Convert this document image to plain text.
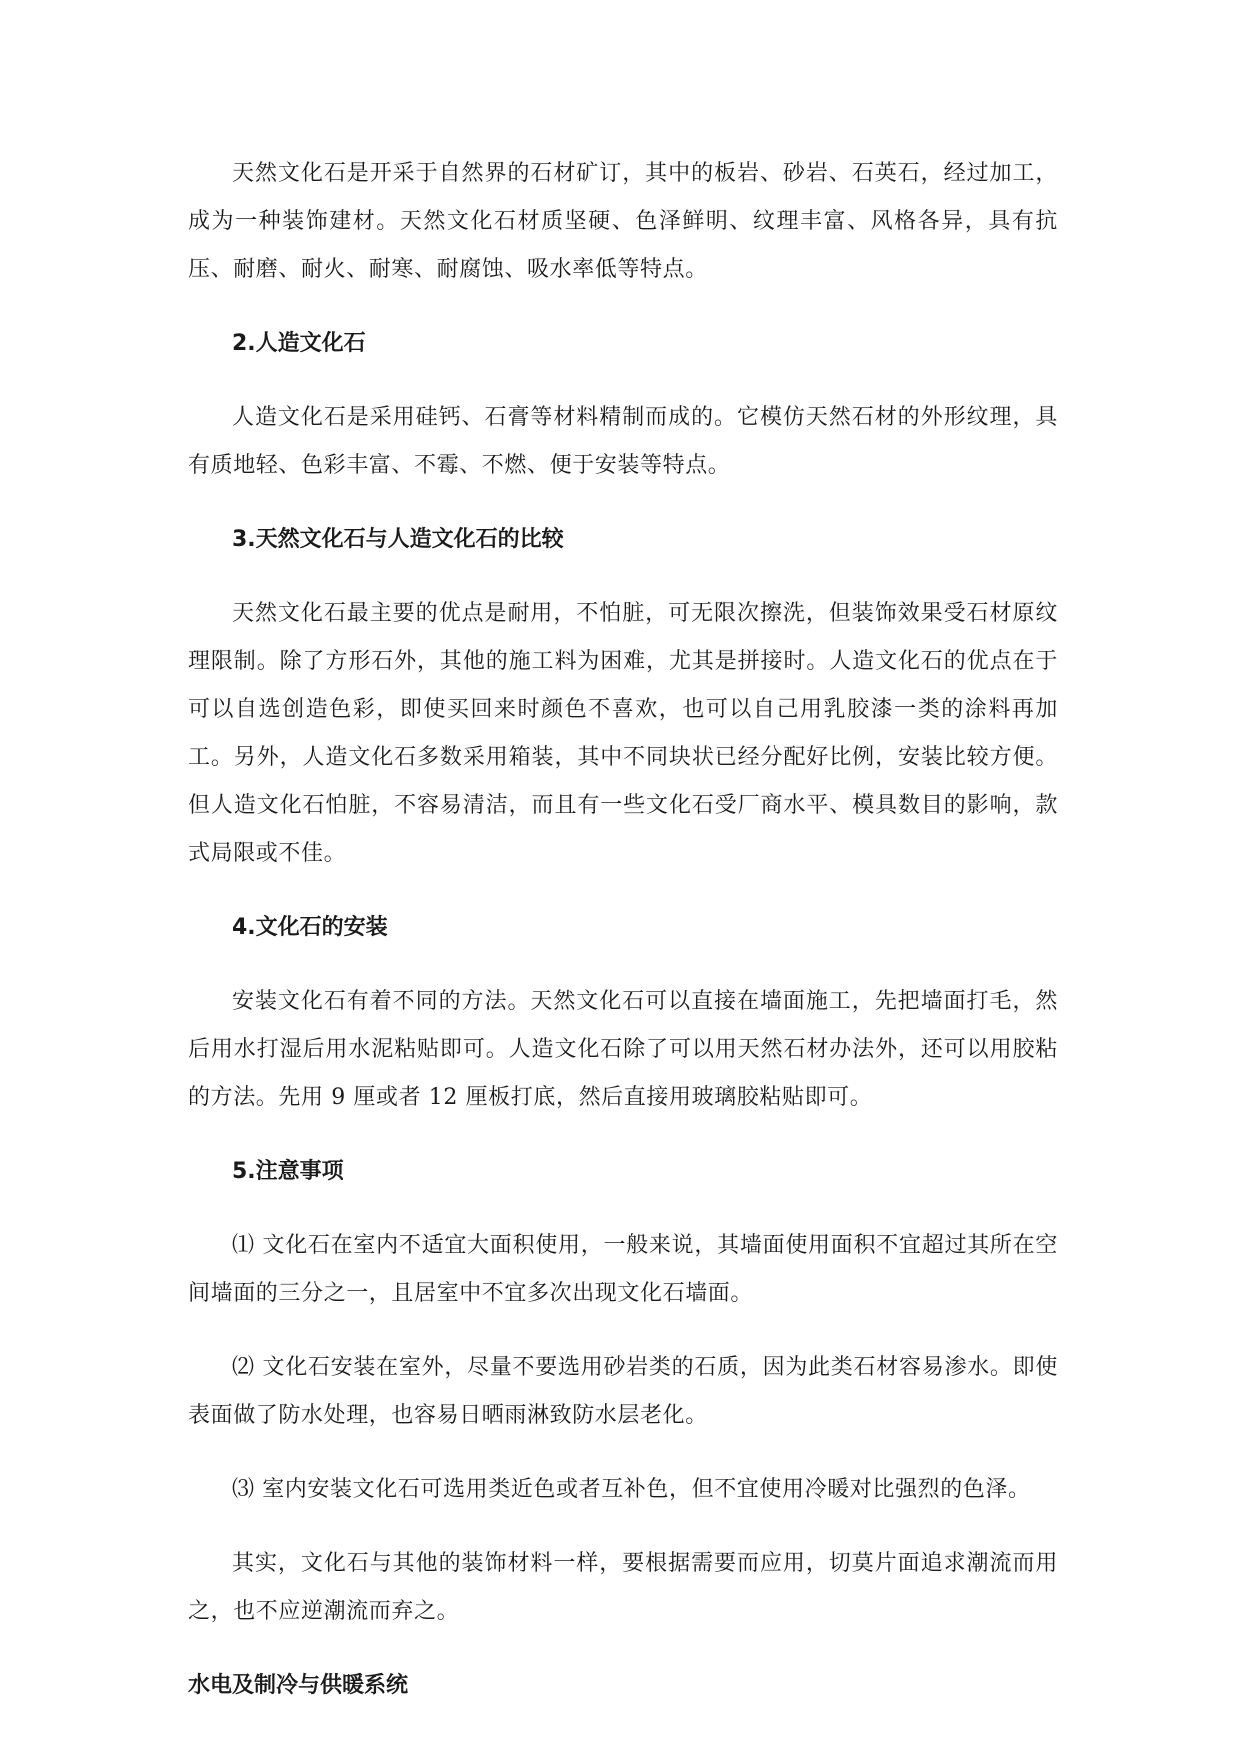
天然文化石是开采于自然界的石材矿订，其中的板岩、砂岩、石英石，经过加工，成为一种装饰建材。天然文化石材质坚硬、色泽鲜明、纹理丰富、风格各异，具有抗压、耐磨、耐火、耐寒、耐腐蚀、吸水率低等特点。

2.人造文化石

人造文化石是采用硅钙、石膏等材料精制而成的。它模仿天然石材的外形纹理，具有质地轻、色彩丰富、不霉、不燃、便于安装等特点。

3.天然文化石与人造文化石的比较

天然文化石最主要的优点是耐用，不怕脏，可无限次擦洗，但装饰效果受石材原纹理限制。除了方形石外，其他的施工料为困难，尤其是拼接时。人造文化石的优点在于可以自选创造色彩，即使买回来时颜色不喜欢，也可以自己用乳胶漆一类的涂料再加工。另外，人造文化石多数采用箱装，其中不同块状已经分配好比例，安装比较方便。但人造文化石怕脏，不容易清洁，而且有一些文化石受厂商水平、模具数目的影响，款式局限或不佳。

4.文化石的安装

安装文化石有着不同的方法。天然文化石可以直接在墙面施工，先把墙面打毛，然后用水打湿后用水泥粘贴即可。人造文化石除了可以用天然石材办法外，还可以用胶粘的方法。先用 9 厘或者 12 厘板打底，然后直接用玻璃胶粘贴即可。

5.注意事项

⑴ 文化石在室内不适宜大面积使用，一般来说，其墙面使用面积不宜超过其所在空间墙面的三分之一，且居室中不宜多次出现文化石墙面。

⑵ 文化石安装在室外，尽量不要选用砂岩类的石质，因为此类石材容易渗水。即使表面做了防水处理，也容易日晒雨淋致防水层老化。

⑶ 室内安装文化石可选用类近色或者互补色，但不宜使用冷暖对比强烈的色泽。

其实，文化石与其他的装饰材料一样，要根据需要而应用，切莫片面追求潮流而用之，也不应逆潮流而弃之。

水电及制冷与供暖系统
